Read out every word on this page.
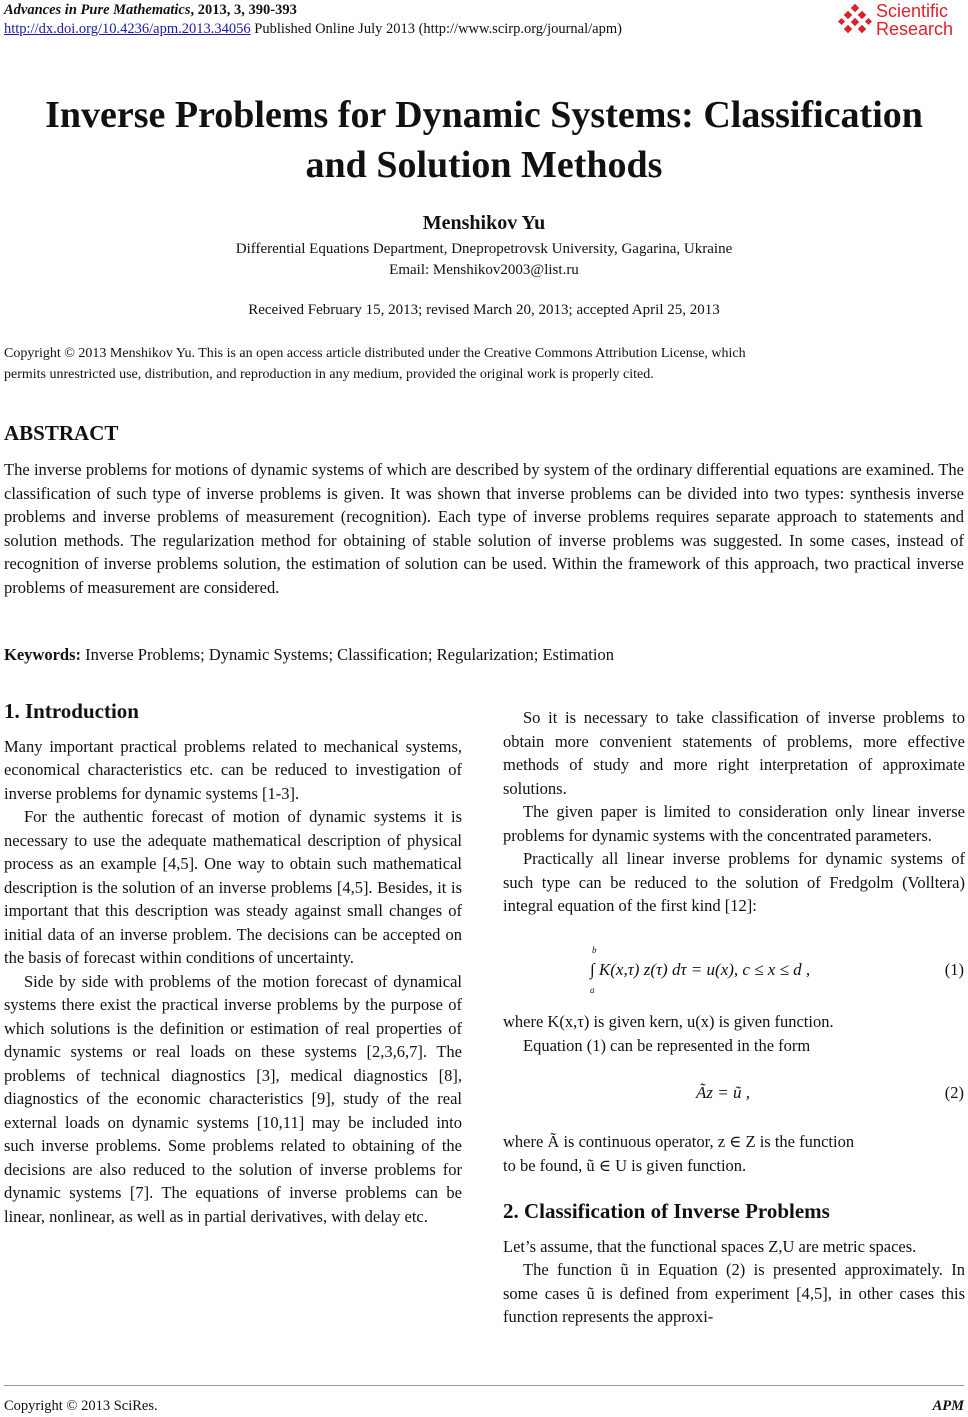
Advances in Pure Mathematics, 2013, 3, 390-393
http://dx.doi.org/10.4236/apm.2013.34056 Published Online July 2013 (http://www.scirp.org/journal/apm)
Scientific
Research
Inverse Problems for Dynamic Systems: Classification
and Solution Methods
Menshikov Yu
Differential Equations Department, Dnepropetrovsk University, Gagarina, Ukraine
Email: Menshikov2003@list.ru
Received February 15, 2013; revised March 20, 2013; accepted April 25, 2013
Copyright © 2013 Menshikov Yu. This is an open access article distributed under the Creative Commons Attribution License, which
permits unrestricted use, distribution, and reproduction in any medium, provided the original work is properly cited.
ABSTRACT
The inverse problems for motions of dynamic systems of which are described by system of the ordinary differential equations are examined. The classification of such type of inverse problems is given. It was shown that inverse problems can be divided into two types: synthesis inverse problems and inverse problems of measurement (recognition). Each type of inverse problems requires separate approach to statements and solution methods. The regularization method for obtaining of stable solution of inverse problems was suggested. In some cases, instead of recognition of inverse problems solution, the estimation of solution can be used. Within the framework of this approach, two practical inverse problems of measurement are considered.
Keywords: Inverse Problems; Dynamic Systems; Classification; Regularization; Estimation
1. Introduction

Many important practical problems related to mechanical systems, economical characteristics etc. can be reduced to investigation of inverse problems for dynamic systems [1-3].

For the authentic forecast of motion of dynamic systems it is necessary to use the adequate mathematical description of physical process as an example [4,5]. One way to obtain such mathematical description is the solution of an inverse problems [4,5]. Besides, it is important that this description was steady against small changes of initial data of an inverse problem. The decisions can be accepted on the basis of forecast within conditions of uncertainty.

Side by side with problems of the motion forecast of dynamical systems there exist the practical inverse problems by the purpose of which solutions is the definition or estimation of real properties of dynamic systems or real loads on these systems [2,3,6,7]. The problems of technical diagnostics [3], medical diagnostics [8], diagnostics of the economic characteristics [9], study of the real external loads on dynamic systems [10,11] may be included into such inverse problems. Some problems related to obtaining of the decisions are also reduced to the solution of inverse problems for dynamic systems [7]. The equations of inverse problems can be linear, nonlinear, as well as in partial derivatives, with delay etc.

So it is necessary to take classification of inverse problems to obtain more convenient statements of problems, more effective methods of study and more right interpretation of approximate solutions.

The given paper is limited to consideration only linear inverse problems for dynamic systems with the concentrated parameters.

Practically all linear inverse problems for dynamic systems of such type can be reduced to the solution of Fredgolm (Volltera) integral equation of the first kind [12]:

b
a
∫ K(x,τ) z(τ) dτ = u(x), c ≤ x ≤ d ,	(1)
where K(x,τ) is given kern, u(x) is given function.
Equation (1) can be represented in the form
Ãz = ũ ,	(2)
where Ã is continuous operator, z ∈ Z is the function
to be found, ũ ∈ U is given function.
2. Classification of Inverse Problems

Let’s assume, that the functional spaces Z,U are metric spaces.

The function ũ in Equation (2) is presented approximately. In some cases ũ is defined from experiment [4,5], in other cases this function represents the approxi-

Copyright © 2013 SciRes.	APM
